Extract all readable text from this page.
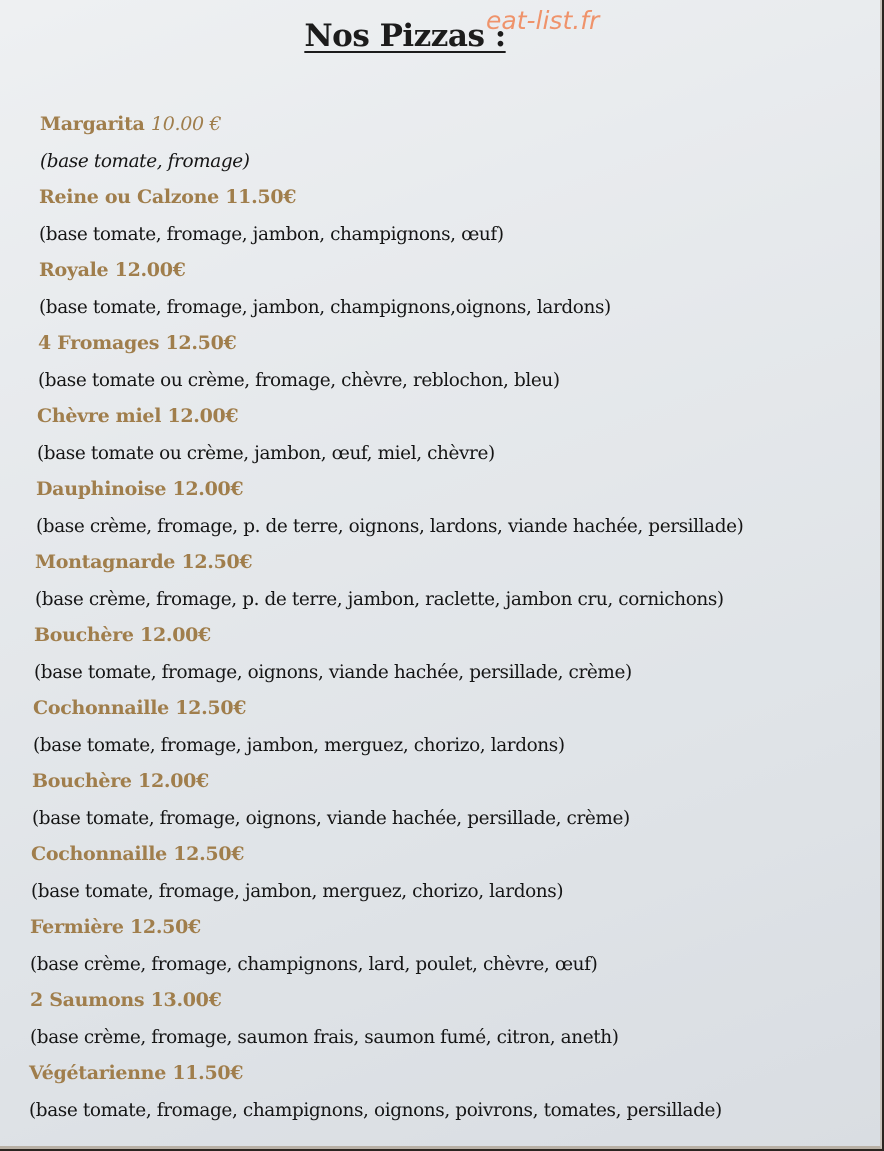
Nos Pizzas :
eat-list.fr
Margarita 10.00 €
(base tomate, fromage)
Reine ou Calzone 11.50€
(base tomate, fromage, jambon, champignons, œuf)
Royale 12.00€
(base tomate, fromage, jambon, champignons,oignons, lardons)
4 Fromages 12.50€
(base tomate ou crème, fromage, chèvre, reblochon, bleu)
Chèvre miel 12.00€
(base tomate ou crème, jambon, œuf, miel, chèvre)
Dauphinoise 12.00€
(base crème, fromage, p. de terre, oignons, lardons, viande hachée, persillade)
Montagnarde 12.50€
(base crème, fromage, p. de terre, jambon, raclette, jambon cru, cornichons)
Bouchère 12.00€
(base tomate, fromage, oignons, viande hachée, persillade, crème)
Cochonnaille 12.50€
(base tomate, fromage, jambon, merguez, chorizo, lardons)
Bouchère 12.00€
(base tomate, fromage, oignons, viande hachée, persillade, crème)
Cochonnaille 12.50€
(base tomate, fromage, jambon, merguez, chorizo, lardons)
Fermière 12.50€
(base crème, fromage, champignons, lard, poulet, chèvre, œuf)
2 Saumons 13.00€
(base crème, fromage, saumon frais, saumon fumé, citron, aneth)
Végétarienne 11.50€
(base tomate, fromage, champignons, oignons, poivrons, tomates, persillade)
